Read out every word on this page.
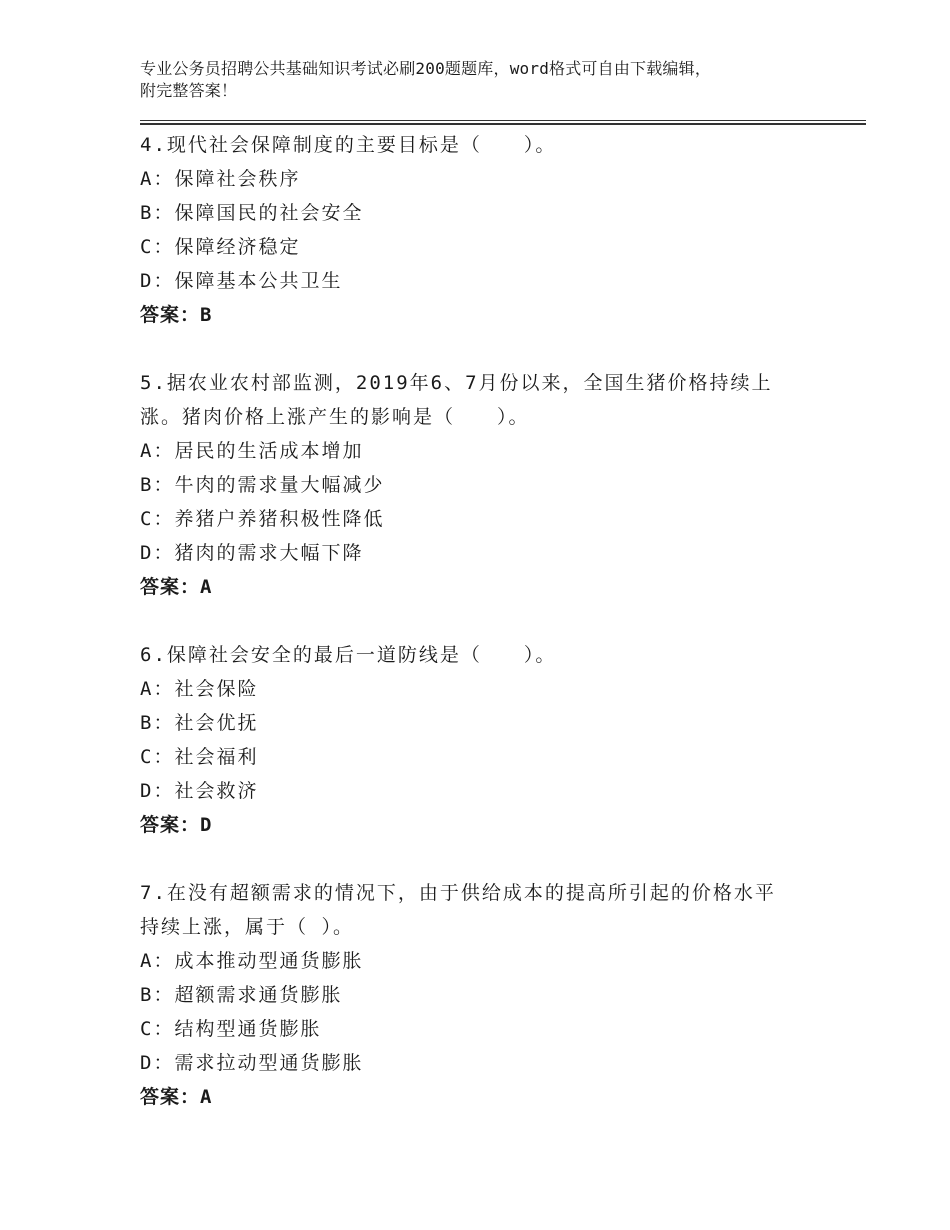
专业公务员招聘公共基础知识考试必刷200题题库，word格式可自由下载编辑，
附完整答案！
4.现代社会保障制度的主要目标是（　　）。
A：保障社会秩序
B：保障国民的社会安全
C：保障经济稳定
D：保障基本公共卫生
答案：B
5.据农业农村部监测，2019年6、7月份以来，全国生猪价格持续上
涨。猪肉价格上涨产生的影响是（　　）。
A：居民的生活成本增加
B：牛肉的需求量大幅减少
C：养猪户养猪积极性降低
D：猪肉的需求大幅下降
答案：A
6.保障社会安全的最后一道防线是（　　）。
A：社会保险
B：社会优抚
C：社会福利
D：社会救济
答案：D
7.在没有超额需求的情况下，由于供给成本的提高所引起的价格水平
持续上涨，属于（ ）。
A：成本推动型通货膨胀
B：超额需求通货膨胀
C：结构型通货膨胀
D：需求拉动型通货膨胀
答案：A
